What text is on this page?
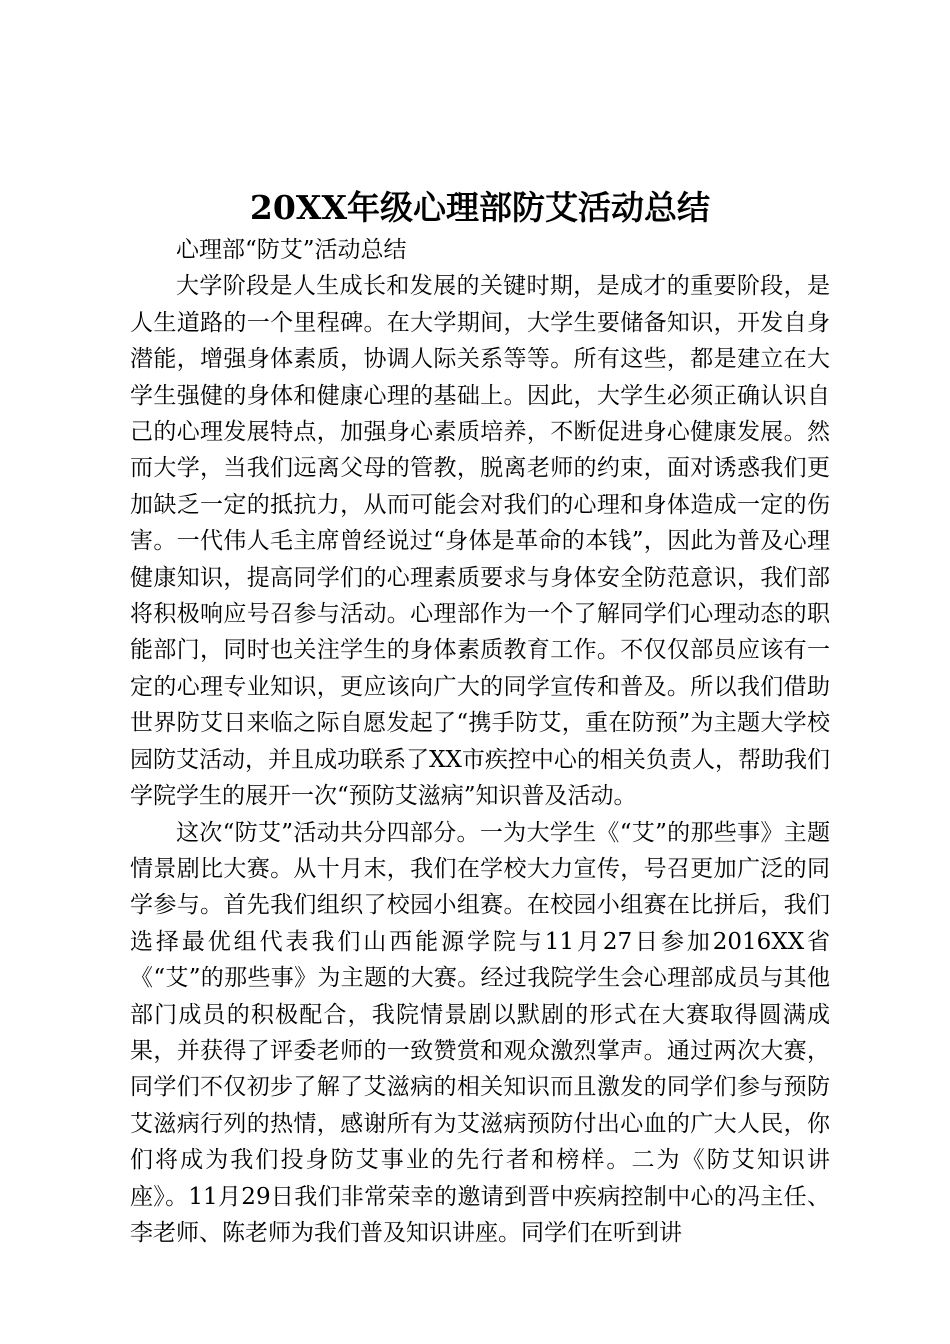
20XX年级心理部防艾活动总结

心理部“防艾”活动总结

大学阶段是人生成长和发展的关键时期，是成才的重要阶段，是人生道路的一个里程碑。在大学期间，大学生要储备知识，开发自身潜能，增强身体素质，协调人际关系等等。所有这些，都是建立在大学生强健的身体和健康心理的基础上。因此，大学生必须正确认识自己的心理发展特点，加强身心素质培养，不断促进身心健康发展。然而大学，当我们远离父母的管教，脱离老师的约束，面对诱惑我们更加缺乏一定的抵抗力，从而可能会对我们的心理和身体造成一定的伤害。一代伟人毛主席曾经说过“身体是革命的本钱”，因此为普及心理健康知识，提高同学们的心理素质要求与身体安全防范意识，我们部将积极响应号召参与活动。心理部作为一个了解同学们心理动态的职能部门，同时也关注学生的身体素质教育工作。不仅仅部员应该有一定的心理专业知识，更应该向广大的同学宣传和普及。所以我们借助世界防艾日来临之际自愿发起了“携手防艾，重在防预”为主题大学校园防艾活动，并且成功联系了XX市疾控中心的相关负责人，帮助我们学院学生的展开一次“预防艾滋病”知识普及活动。

这次“防艾”活动共分四部分。一为大学生《“艾”的那些事》主题情景剧比大赛。从十月末，我们在学校大力宣传，号召更加广泛的同学参与。首先我们组织了校园小组赛。在校园小组赛在比拼后，我们选择最优组代表我们山西能源学院与11月27日参加2016XX省《“艾”的那些事》为主题的大赛。经过我院学生会心理部成员与其他部门成员的积极配合，我院情景剧以默剧的形式在大赛取得圆满成果，并获得了评委老师的一致赞赏和观众激烈掌声。通过两次大赛，同学们不仅初步了解了艾滋病的相关知识而且激发的同学们参与预防艾滋病行列的热情，感谢所有为艾滋病预防付出心血的广大人民，你们将成为我们投身防艾事业的先行者和榜样。二为《防艾知识讲座》。11月29日我们非常荣幸的邀请到晋中疾病控制中心的冯主任、李老师、陈老师为我们普及知识讲座。同学们在听到讲
